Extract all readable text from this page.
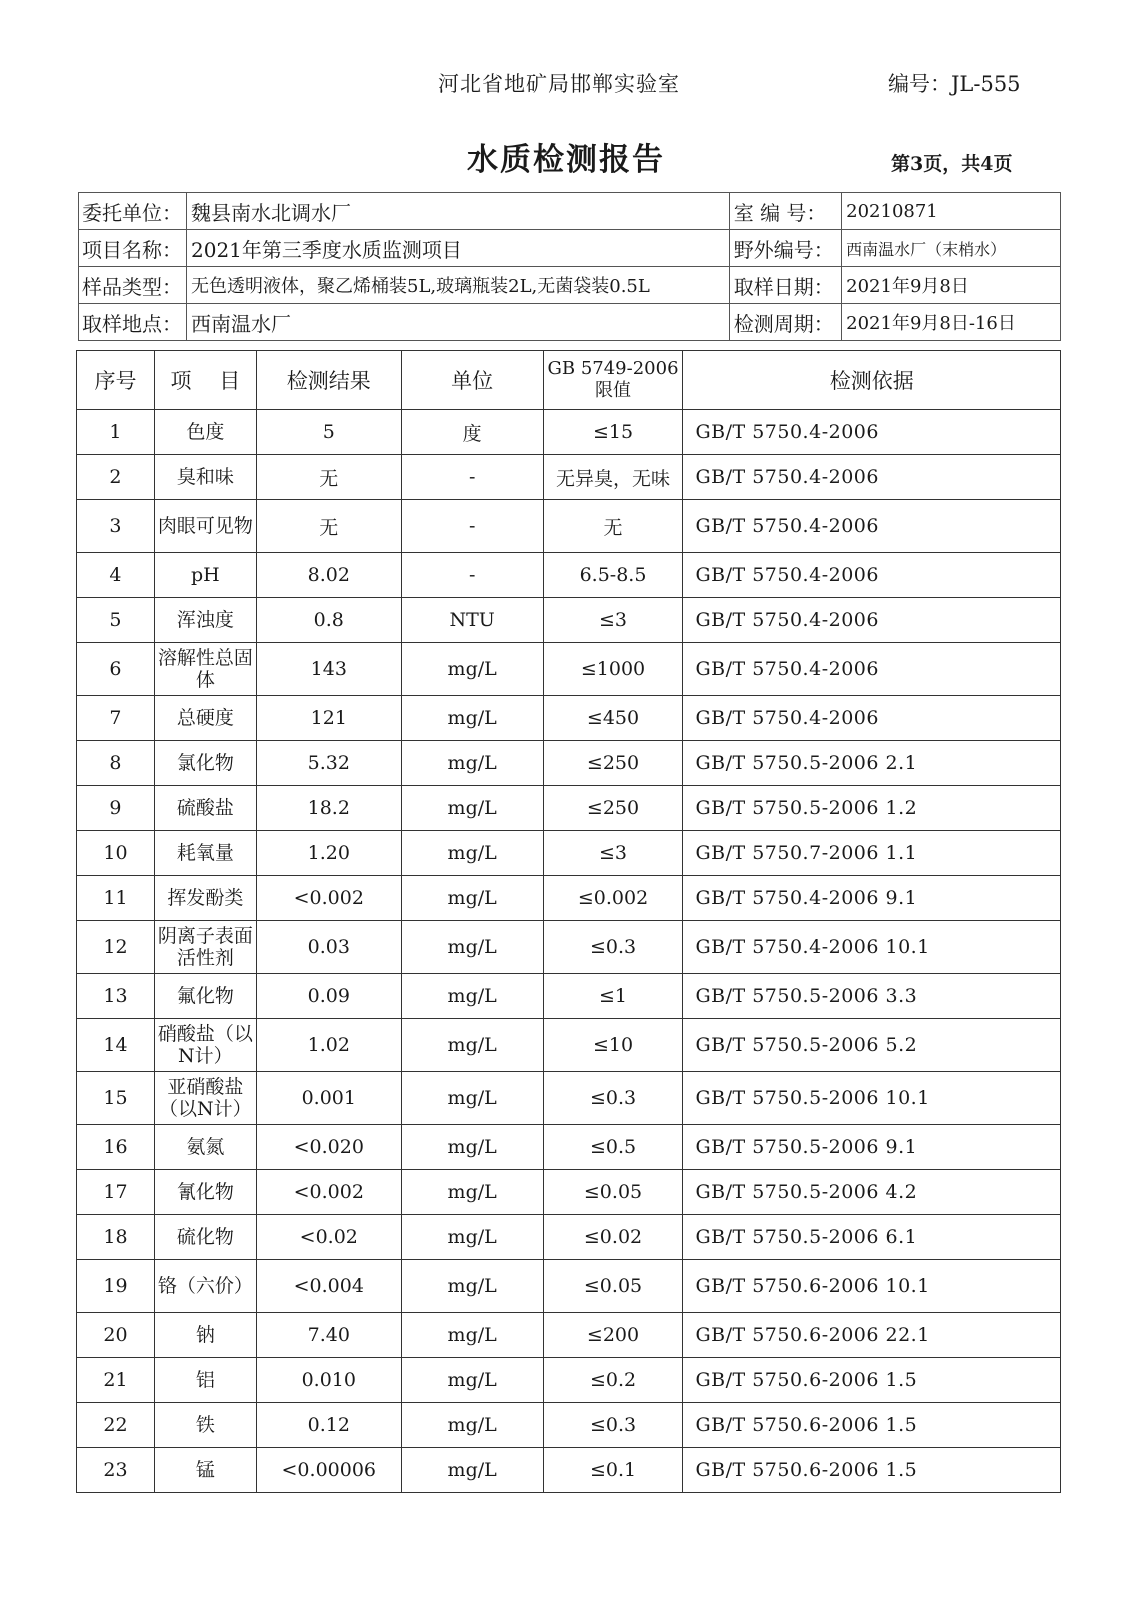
河北省地矿局邯郸实验室	编号：JL-555
水质检测报告	第3页，共4页
委托单位：	魏县南水北调水厂	室 编 号：	20210871
项目名称：	2021年第三季度水质监测项目	野外编号：	西南温水厂（末梢水）
样品类型：	无色透明液体，聚乙烯桶装5L,玻璃瓶装2L,无菌袋装0.5L	取样日期：	2021年9月8日
取样地点：	西南温水厂	检测周期：	2021年9月8日-16日
序号	项　 目	检测结果	单位	GB 5749-2006限值	检测依据
1	色度	5	度	≤15	GB/T 5750.4-2006
2	臭和味	无	-	无异臭，无味	GB/T 5750.4-2006
3	肉眼可见物	无	-	无	GB/T 5750.4-2006
4	pH	8.02	-	6.5-8.5	GB/T 5750.4-2006
5	浑浊度	0.8	NTU	≤3	GB/T 5750.4-2006
6	溶解性总固体	143	mg/L	≤1000	GB/T 5750.4-2006
7	总硬度	121	mg/L	≤450	GB/T 5750.4-2006
8	氯化物	5.32	mg/L	≤250	GB/T 5750.5-2006 2.1
9	硫酸盐	18.2	mg/L	≤250	GB/T 5750.5-2006 1.2
10	耗氧量	1.20	mg/L	≤3	GB/T 5750.7-2006 1.1
11	挥发酚类	<0.002	mg/L	≤0.002	GB/T 5750.4-2006 9.1
12	阴离子表面活性剂	0.03	mg/L	≤0.3	GB/T 5750.4-2006 10.1
13	氟化物	0.09	mg/L	≤1	GB/T 5750.5-2006 3.3
14	硝酸盐（以N计）	1.02	mg/L	≤10	GB/T 5750.5-2006 5.2
15	亚硝酸盐（以N计）	0.001	mg/L	≤0.3	GB/T 5750.5-2006 10.1
16	氨氮	<0.020	mg/L	≤0.5	GB/T 5750.5-2006 9.1
17	氰化物	<0.002	mg/L	≤0.05	GB/T 5750.5-2006 4.2
18	硫化物	<0.02	mg/L	≤0.02	GB/T 5750.5-2006 6.1
19	铬（六价）	<0.004	mg/L	≤0.05	GB/T 5750.6-2006 10.1
20	钠	7.40	mg/L	≤200	GB/T 5750.6-2006 22.1
21	铝	0.010	mg/L	≤0.2	GB/T 5750.6-2006 1.5
22	铁	0.12	mg/L	≤0.3	GB/T 5750.6-2006 1.5
23	锰	<0.00006	mg/L	≤0.1	GB/T 5750.6-2006 1.5
